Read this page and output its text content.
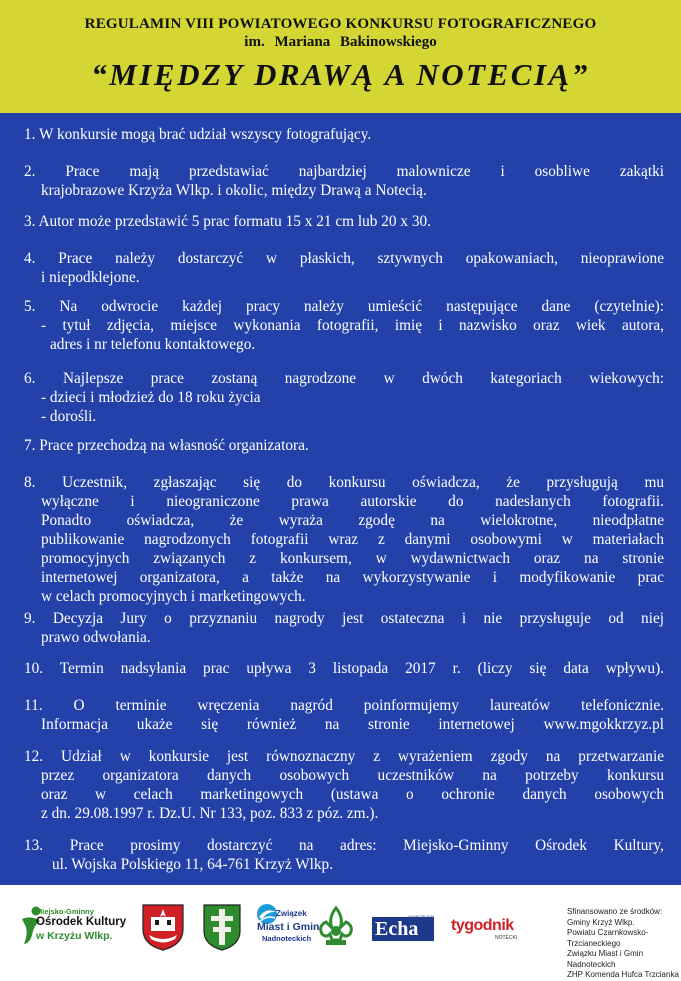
REGULAMIN VIII POWIATOWEGO KONKURSU FOTOGRAFICZNEGO
im. Mariana Bakinowskiego
“MIĘDZY DRAWĄ A NOTECIĄ”
1. W konkursie mogą brać udział wszyscy fotografujący.
2. Prace mają przedstawiać najbardziej malownicze i osobliwe zakątki
krajobrazowe Krzyża Wlkp. i okolic, między Drawą a Notecią.
3. Autor może przedstawić 5 prac formatu 15 x 21 cm lub 20 x 30.
4. Prace należy dostarczyć w płaskich, sztywnych opakowaniach, nieoprawione
i niepodklejone.
5. Na odwrocie każdej pracy należy umieścić następujące dane (czytelnie):
- tytuł zdjęcia, miejsce wykonania fotografii, imię i nazwisko oraz wiek autora,
adres i nr telefonu kontaktowego.
6. Najlepsze prace zostaną nagrodzone w dwóch kategoriach wiekowych:
- dzieci i młodzież do 18 roku życia
- dorośli.
7. Prace przechodzą na własność organizatora.
8. Uczestnik, zgłaszając się do konkursu oświadcza, że przysługują mu
wyłączne i nieograniczone prawa autorskie do nadesłanych fotografii.
Ponadto oświadcza, że wyraża zgodę na wielokrotne, nieodpłatne
publikowanie nagrodzonych fotografii wraz z danymi osobowymi w materiałach
promocyjnych związanych z konkursem, w wydawnictwach oraz na stronie
internetowej organizatora, a także na wykorzystywanie i modyfikowanie prac
w celach promocyjnych i marketingowych.
9. Decyzja Jury o przyznaniu nagrody jest ostateczna i nie przysługuje od niej
prawo odwołania.
10. Termin nadsyłania prac upływa 3 listopada 2017 r. (liczy się data wpływu).
11. O terminie wręczenia nagród poinformujemy laureatów telefonicznie.
Informacja ukaże się również na stronie internetowej www.mgokkrzyz.pl
12. Udział w konkursie jest równoznaczny z wyrażeniem zgody na przetwarzanie
przez organizatora danych osobowych uczestników na potrzeby konkursu
oraz w celach marketingowych (ustawa o ochronie danych osobowych
z dn. 29.08.1997 r. Dz.U. Nr 133, poz. 833 z póz. zm.).
13. Prace prosimy dostarczyć na adres: Miejsko-Gminny Ośrodek Kultury,
ul. Wojska Polskiego 11, 64-761 Krzyż Wlkp.
Miejsko-Gminny
Ośrodek Kultury
w Krzyżu Wlkp.
Związek
Miast i Gmin
Nadnoteckich	Echa
NADNOTECKIE tygodnik
NOTECKI
Sfinansowano ze środków:
Gminy Krzyż Wlkp.
Powiatu Czarnkowsko-Trzcianeckiego
Związku Miast i Gmin Nadnoteckich
ZHP Komenda Hufca Trzcianka
